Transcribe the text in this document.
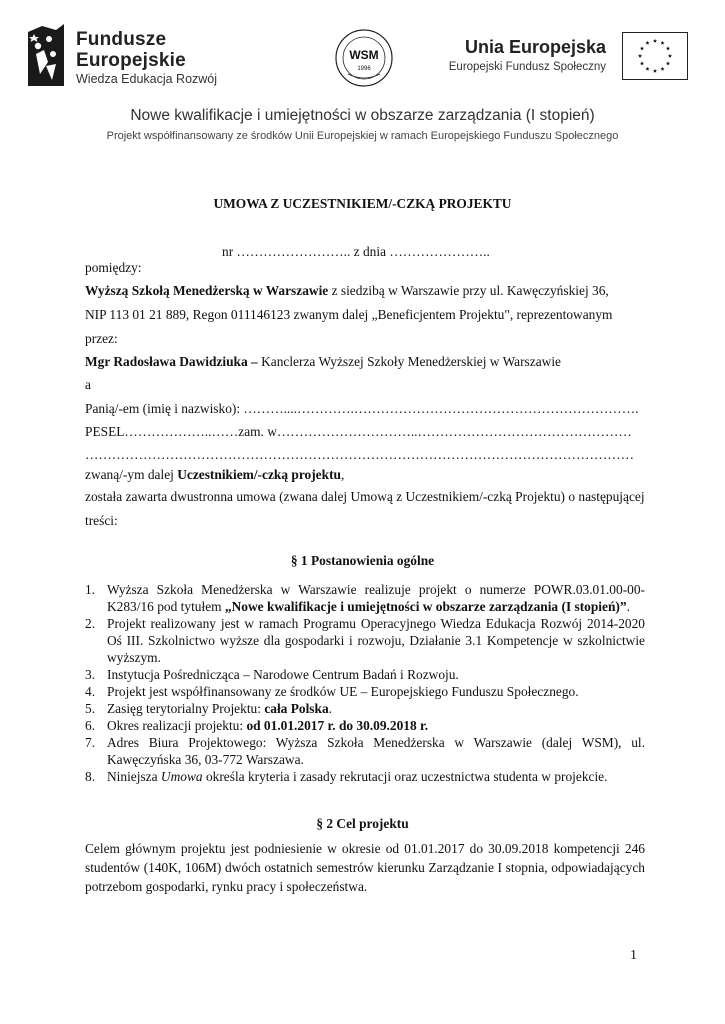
Fundusze
Europejskie
Wiedza Edukacja Rozwój
WSM
1996
Unia Europejska
Europejski Fundusz Społeczny
Nowe kwalifikacje i umiejętności w obszarze zarządzania (I stopień)
Projekt współfinansowany ze środków Unii Europejskiej w ramach Europejskiego Funduszu Społecznego
UMOWA Z UCZESTNIKIEM/-CZKĄ PROJEKTU
nr …………………….. z dnia …………………..
pomiędzy:
Wyższą Szkołą Menedżerską w Warszawie z siedzibą w Warszawie przy ul. Kawęczyńskiej 36,
NIP 113 01 21 889, Regon 011146123 zwanym dalej „Beneficjentem Projektu", reprezentowanym
przez:
Mgr Radosława Dawidziuka – Kanclerza Wyższej Szkoły Menedżerskiej w Warszawie
a
Panią/-em (imię i nazwisko): ………....………….……………………………………………………….
PESEL………………..……zam. w…………………………..…………………………………………
……………………………………………………………………………………………………………
zwaną/-ym dalej Uczestnikiem/-czką projektu,
została zawarta dwustronna umowa (zwana dalej Umową z Uczestnikiem/-czką Projektu) o następującej
treści:
§ 1 Postanowienia ogólne
1. Wyższa Szkoła Menedżerska w Warszawie realizuje projekt o numerze POWR.03.01.00-00-K283/16 pod tytułem „Nowe kwalifikacje i umiejętności w obszarze zarządzania (I stopień)”.
2. Projekt realizowany jest w ramach Programu Operacyjnego Wiedza Edukacja Rozwój 2014-2020 Oś III. Szkolnictwo wyższe dla gospodarki i rozwoju, Działanie 3.1 Kompetencje w szkolnictwie wyższym.
3. Instytucja Pośrednicząca – Narodowe Centrum Badań i Rozwoju.
4. Projekt jest współfinansowany ze środków UE – Europejskiego Funduszu Społecznego.
5. Zasięg terytorialny Projektu: cała Polska.
6. Okres realizacji projektu: od 01.01.2017 r. do 30.09.2018 r.
7. Adres Biura Projektowego: Wyższa Szkoła Menedżerska w Warszawie (dalej WSM), ul. Kawęczyńska 36, 03-772 Warszawa.
8. Niniejsza Umowa określa kryteria i zasady rekrutacji oraz uczestnictwa studenta w projekcie.
§ 2 Cel projektu
Celem głównym projektu jest podniesienie w okresie od 01.01.2017 do 30.09.2018 kompetencji 246 studentów (140K, 106M) dwóch ostatnich semestrów kierunku Zarządzanie I stopnia, odpowiadających potrzebom gospodarki, rynku pracy i społeczeństwa.
1
